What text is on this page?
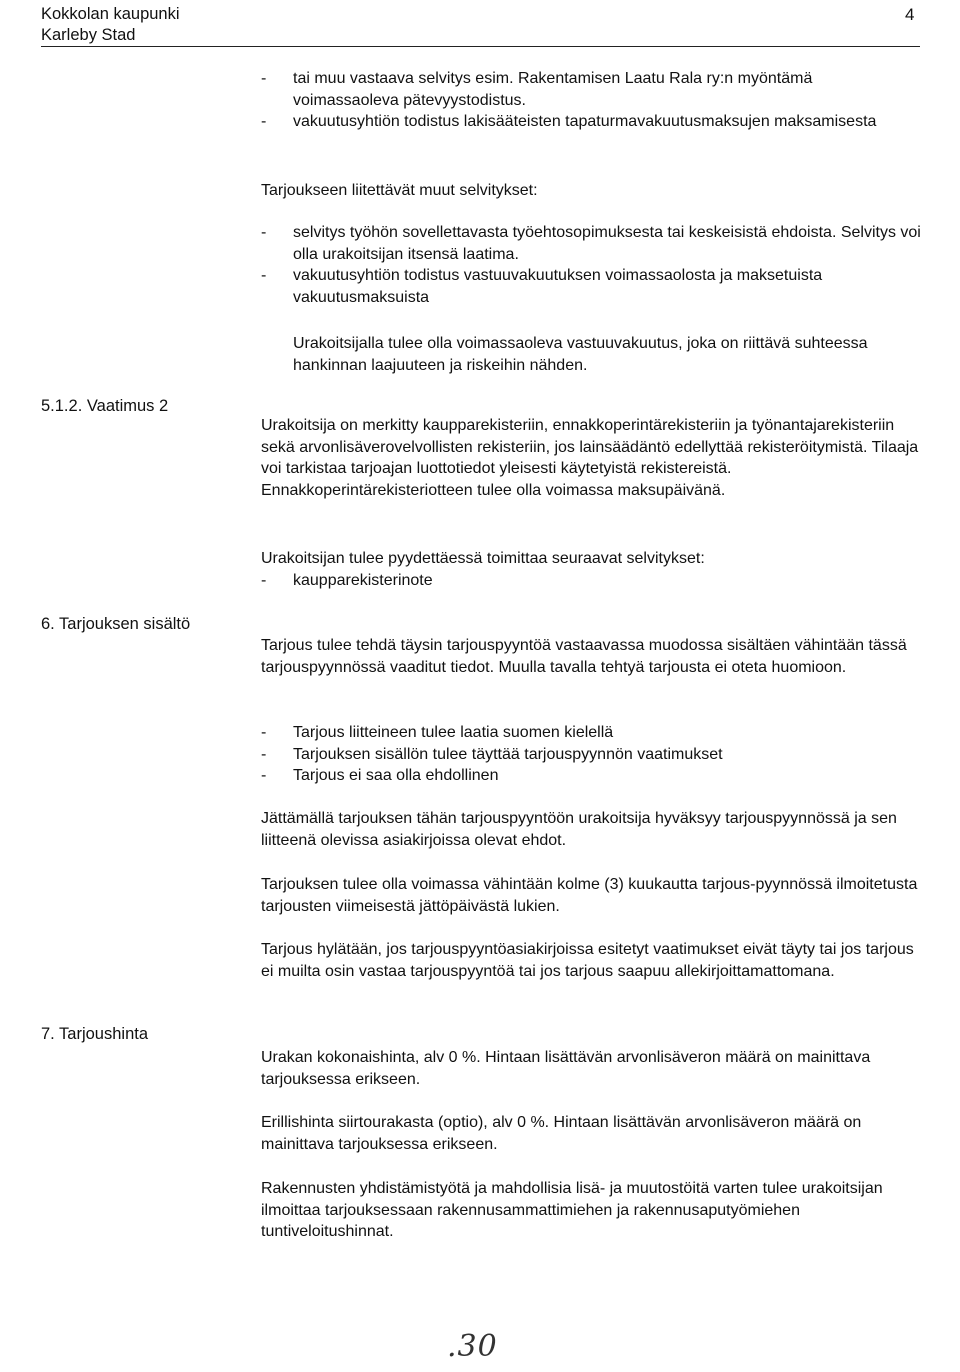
Kokkolan kaupunki
Karleby Stad
4
-	tai muu vastaava selvitys esim. Rakentamisen Laatu Rala ry:n myöntämä voimassaoleva pätevyystodistus.
-	vakuutusyhtiön todistus lakisääteisten tapaturmavakuutusmaksujen maksamisesta

Tarjoukseen liitettävät muut selvitykset:

-	selvitys työhön sovellettavasta työehtosopimuksesta tai keskeisistä ehdoista. Selvitys voi olla urakoitsijan itsensä laatima.
-	vakuutusyhtiön todistus vastuuvakuutuksen voimassaolosta ja maksetuista vakuutusmaksuista

Urakoitsijalla tulee olla voimassaoleva vastuuvakuutus, joka on riittävä suhteessa hankinnan laajuuteen ja riskeihin nähden.

5.1.2. Vaatimus 2

Urakoitsija on merkitty kaupparekisteriin, ennakkoperintärekisteriin ja työnantajarekisteriin sekä arvonlisäverovelvollisten rekisteriin, jos lainsäädäntö edellyttää rekisteröitymistä. Tilaaja voi tarkistaa tarjoajan luottotiedot yleisesti käytetyistä rekistereistä. Ennakkoperintärekisteriotteen tulee olla voimassa maksupäivänä.

Urakoitsijan tulee pyydettäessä toimittaa seuraavat selvitykset:

-	kaupparekisterinote
6. Tarjouksen sisältö

Tarjous tulee tehdä täysin tarjouspyyntöä vastaavassa muodossa sisältäen vähintään tässä tarjouspyynnössä vaaditut tiedot. Muulla tavalla tehtyä tarjousta ei oteta huomioon.

-	Tarjous liitteineen tulee laatia suomen kielellä
-	Tarjouksen sisällön tulee täyttää tarjouspyynnön vaatimukset
-	Tarjous ei saa olla ehdollinen

Jättämällä tarjouksen tähän tarjouspyyntöön urakoitsija hyväksyy tarjouspyynnössä ja sen liitteenä olevissa asiakirjoissa olevat ehdot.

Tarjouksen tulee olla voimassa vähintään kolme (3) kuukautta tarjous-pyynnössä ilmoitetusta tarjousten viimeisestä jättöpäivästä lukien.

Tarjous hylätään, jos tarjouspyyntöasiakirjoissa esitetyt vaatimukset eivät täyty tai jos tarjous ei muilta osin vastaa tarjouspyyntöä tai jos tarjous saapuu allekirjoittamattomana.

7. Tarjoushinta

Urakan kokonaishinta, alv 0 %. Hintaan lisättävän arvonlisäveron määrä on mainittava tarjouksessa erikseen.

Erillishinta siirtourakasta (optio), alv 0 %. Hintaan lisättävän arvonlisäveron määrä on mainittava tarjouksessa erikseen.

Rakennusten yhdistämistyötä ja mahdollisia lisä- ja muutostöitä varten tulee urakoitsijan ilmoittaa tarjouksessaan rakennusammattimiehen ja rakennusaputyömiehen tuntiveloitushinnat.

.30
